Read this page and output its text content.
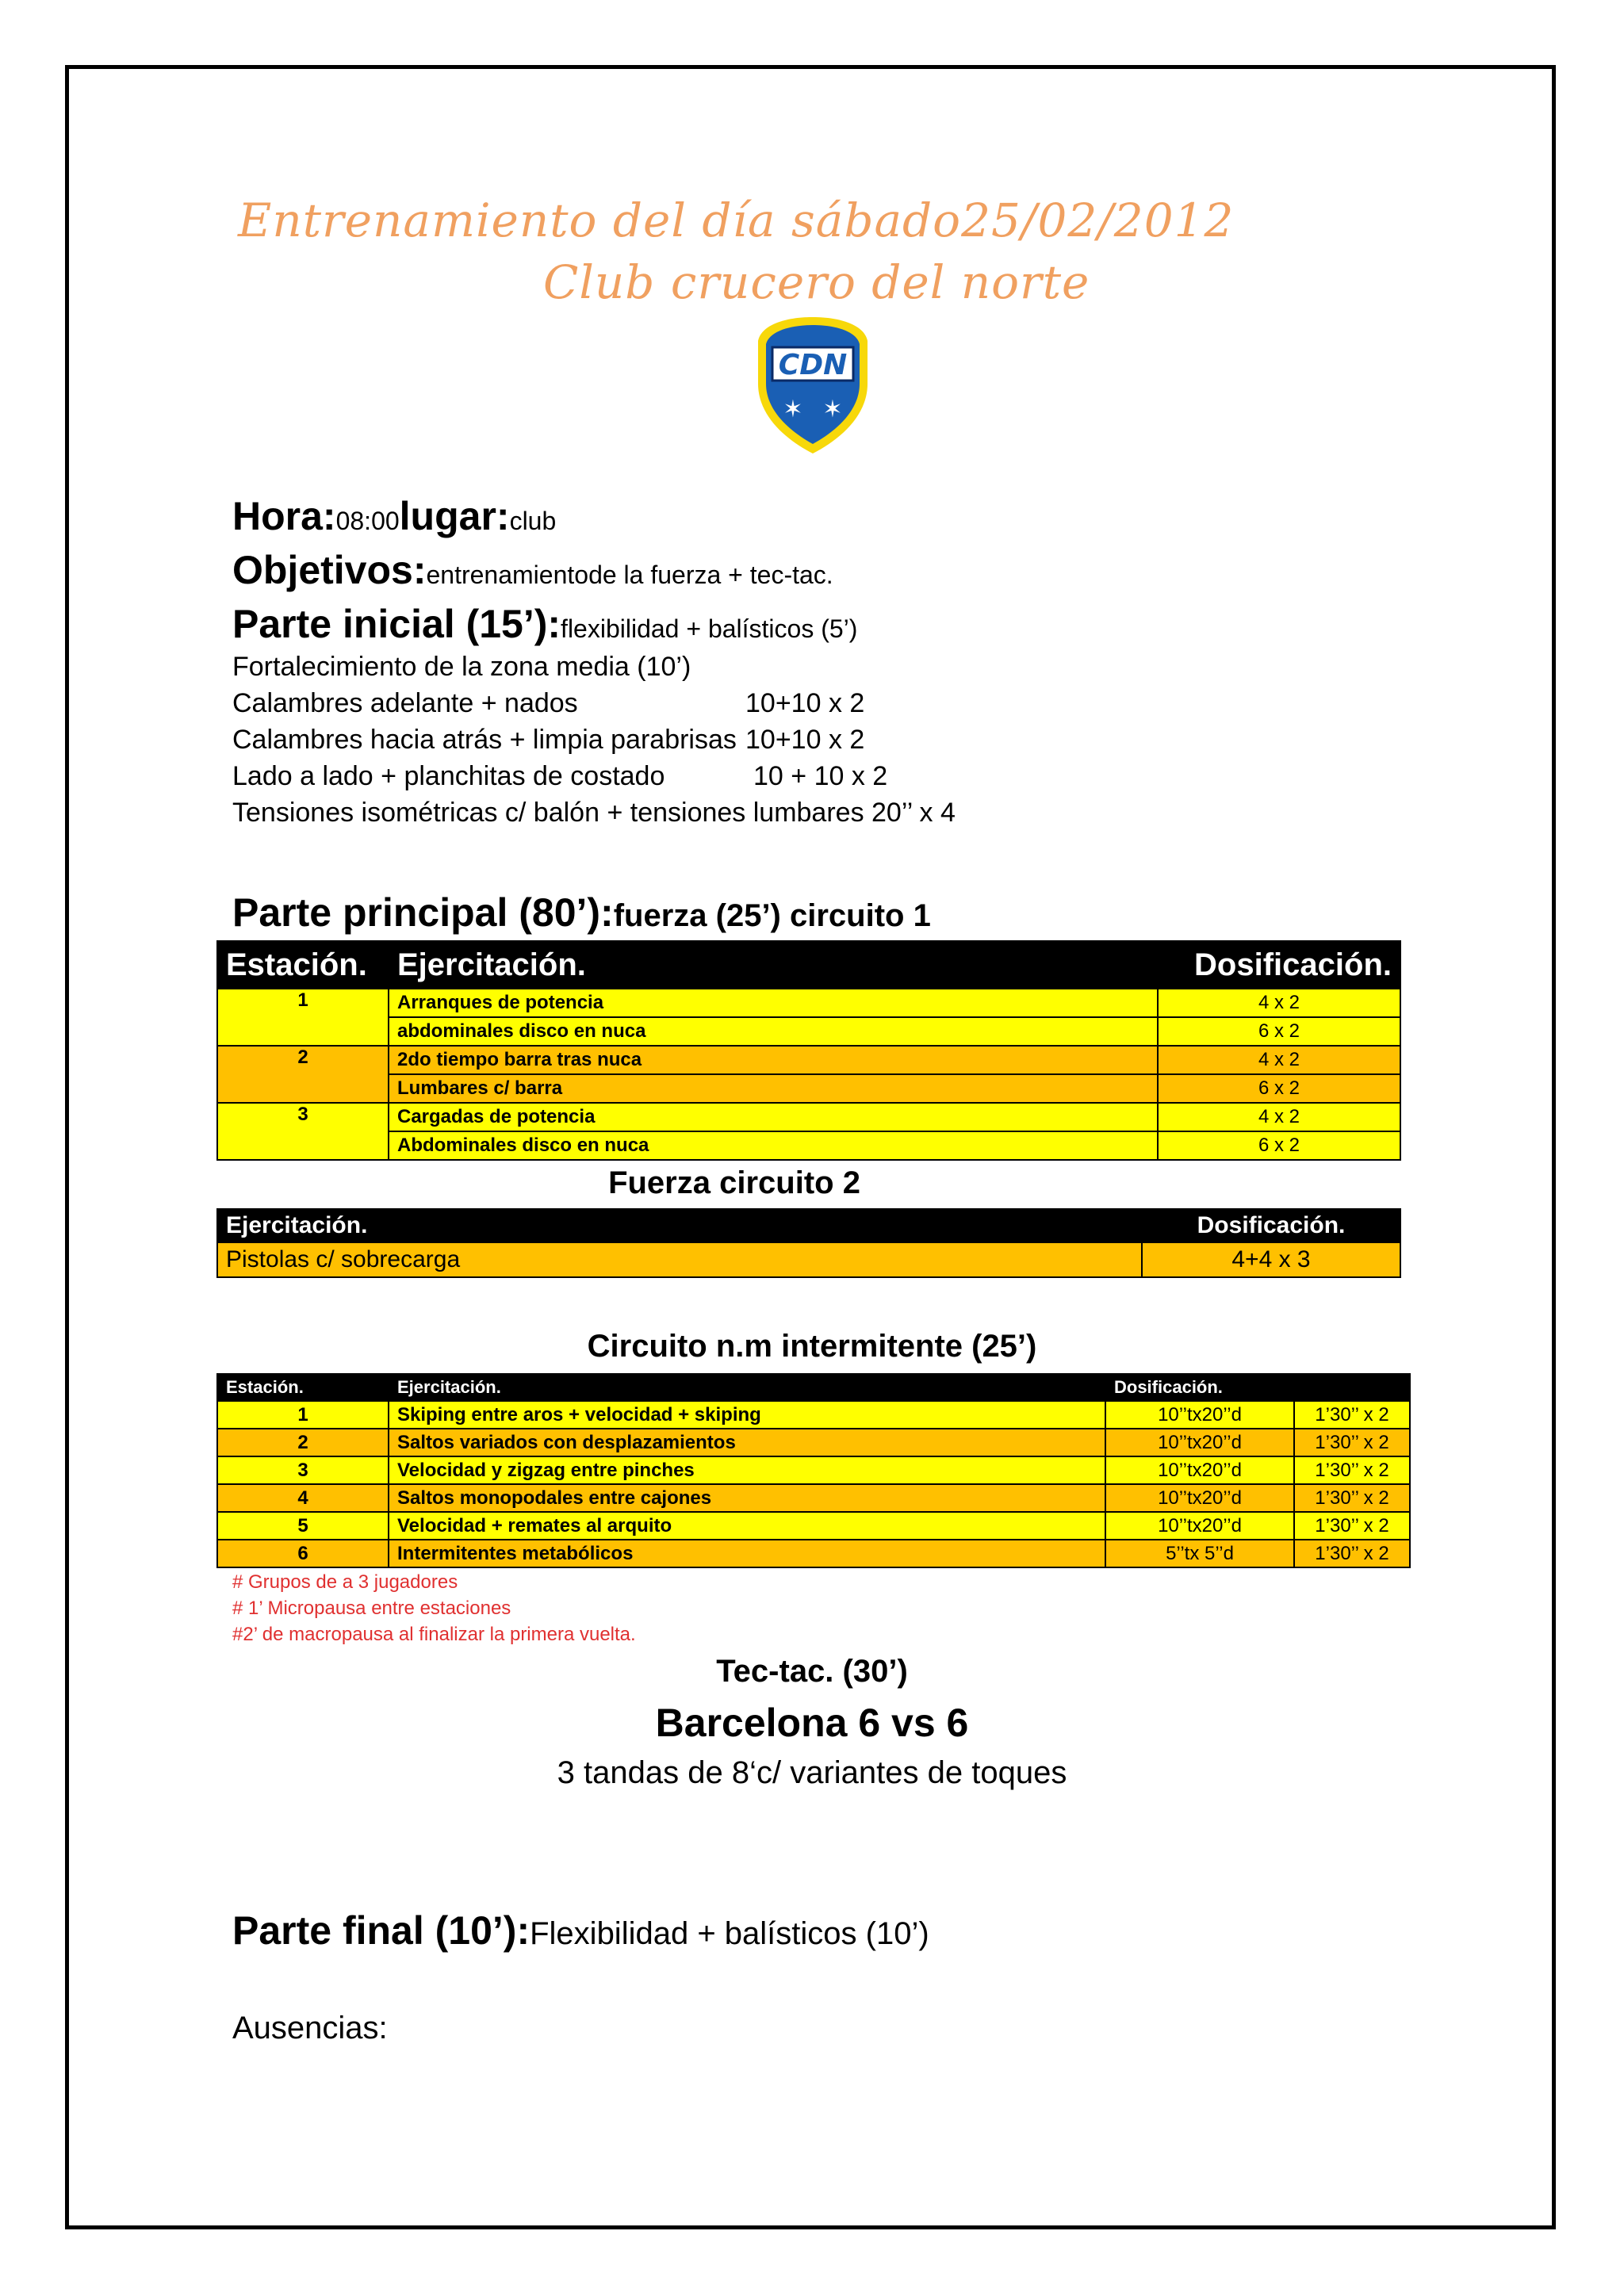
Entrenamiento del día sábado25/02/2012
Club crucero del norte
CDN
✶ ✶
Hora:08:00lugar:club
Objetivos:entrenamientode la fuerza + tec-tac.
Parte inicial (15’):flexibilidad + balísticos (5’)
Fortalecimiento de la zona media (10’)
Calambres adelante + nados	10+10 x 2
Calambres hacia atrás + limpia parabrisas 10+10 x 2
Lado a lado + planchitas de costado	10 + 10 x 2
Tensiones isométricas c/ balón + tensiones lumbares 20’’ x 4
Parte principal (80’):fuerza (25’) circuito 1
Estación.	Ejercitación.	Dosificación.
1	Arranques de potencia	4 x 2
	abdominales disco en nuca	6 x 2
2	2do tiempo barra tras nuca	4 x 2
	Lumbares c/ barra	6 x 2
3	Cargadas de potencia	4 x 2
	Abdominales disco en nuca	6 x 2
Fuerza circuito 2
Ejercitación.	Dosificación.
Pistolas c/ sobrecarga	4+4 x 3
Circuito n.m intermitente (25’)
Estación.	Ejercitación.	Dosificación.	
1	Skiping entre aros + velocidad + skiping	10’’tx20’’d	1’30’’ x 2
2	Saltos variados con desplazamientos	10’’tx20’’d	1’30’’ x 2
3	Velocidad y zigzag entre pinches	10’’tx20’’d	1’30’’ x 2
4	Saltos monopodales entre cajones	10’’tx20’’d	1’30’’ x 2
5	Velocidad + remates al arquito	10’’tx20’’d	1’30’’ x 2
6	Intermitentes metabólicos	5’’tx 5’’d	1’30’’ x 2
# Grupos de a 3 jugadores
# 1’ Micropausa entre estaciones
#2’ de macropausa al finalizar la primera vuelta.
Tec-tac. (30’)
Barcelona 6 vs 6
3 tandas de 8‘c/ variantes de toques
Parte final (10’):Flexibilidad + balísticos (10’)
Ausencias:
